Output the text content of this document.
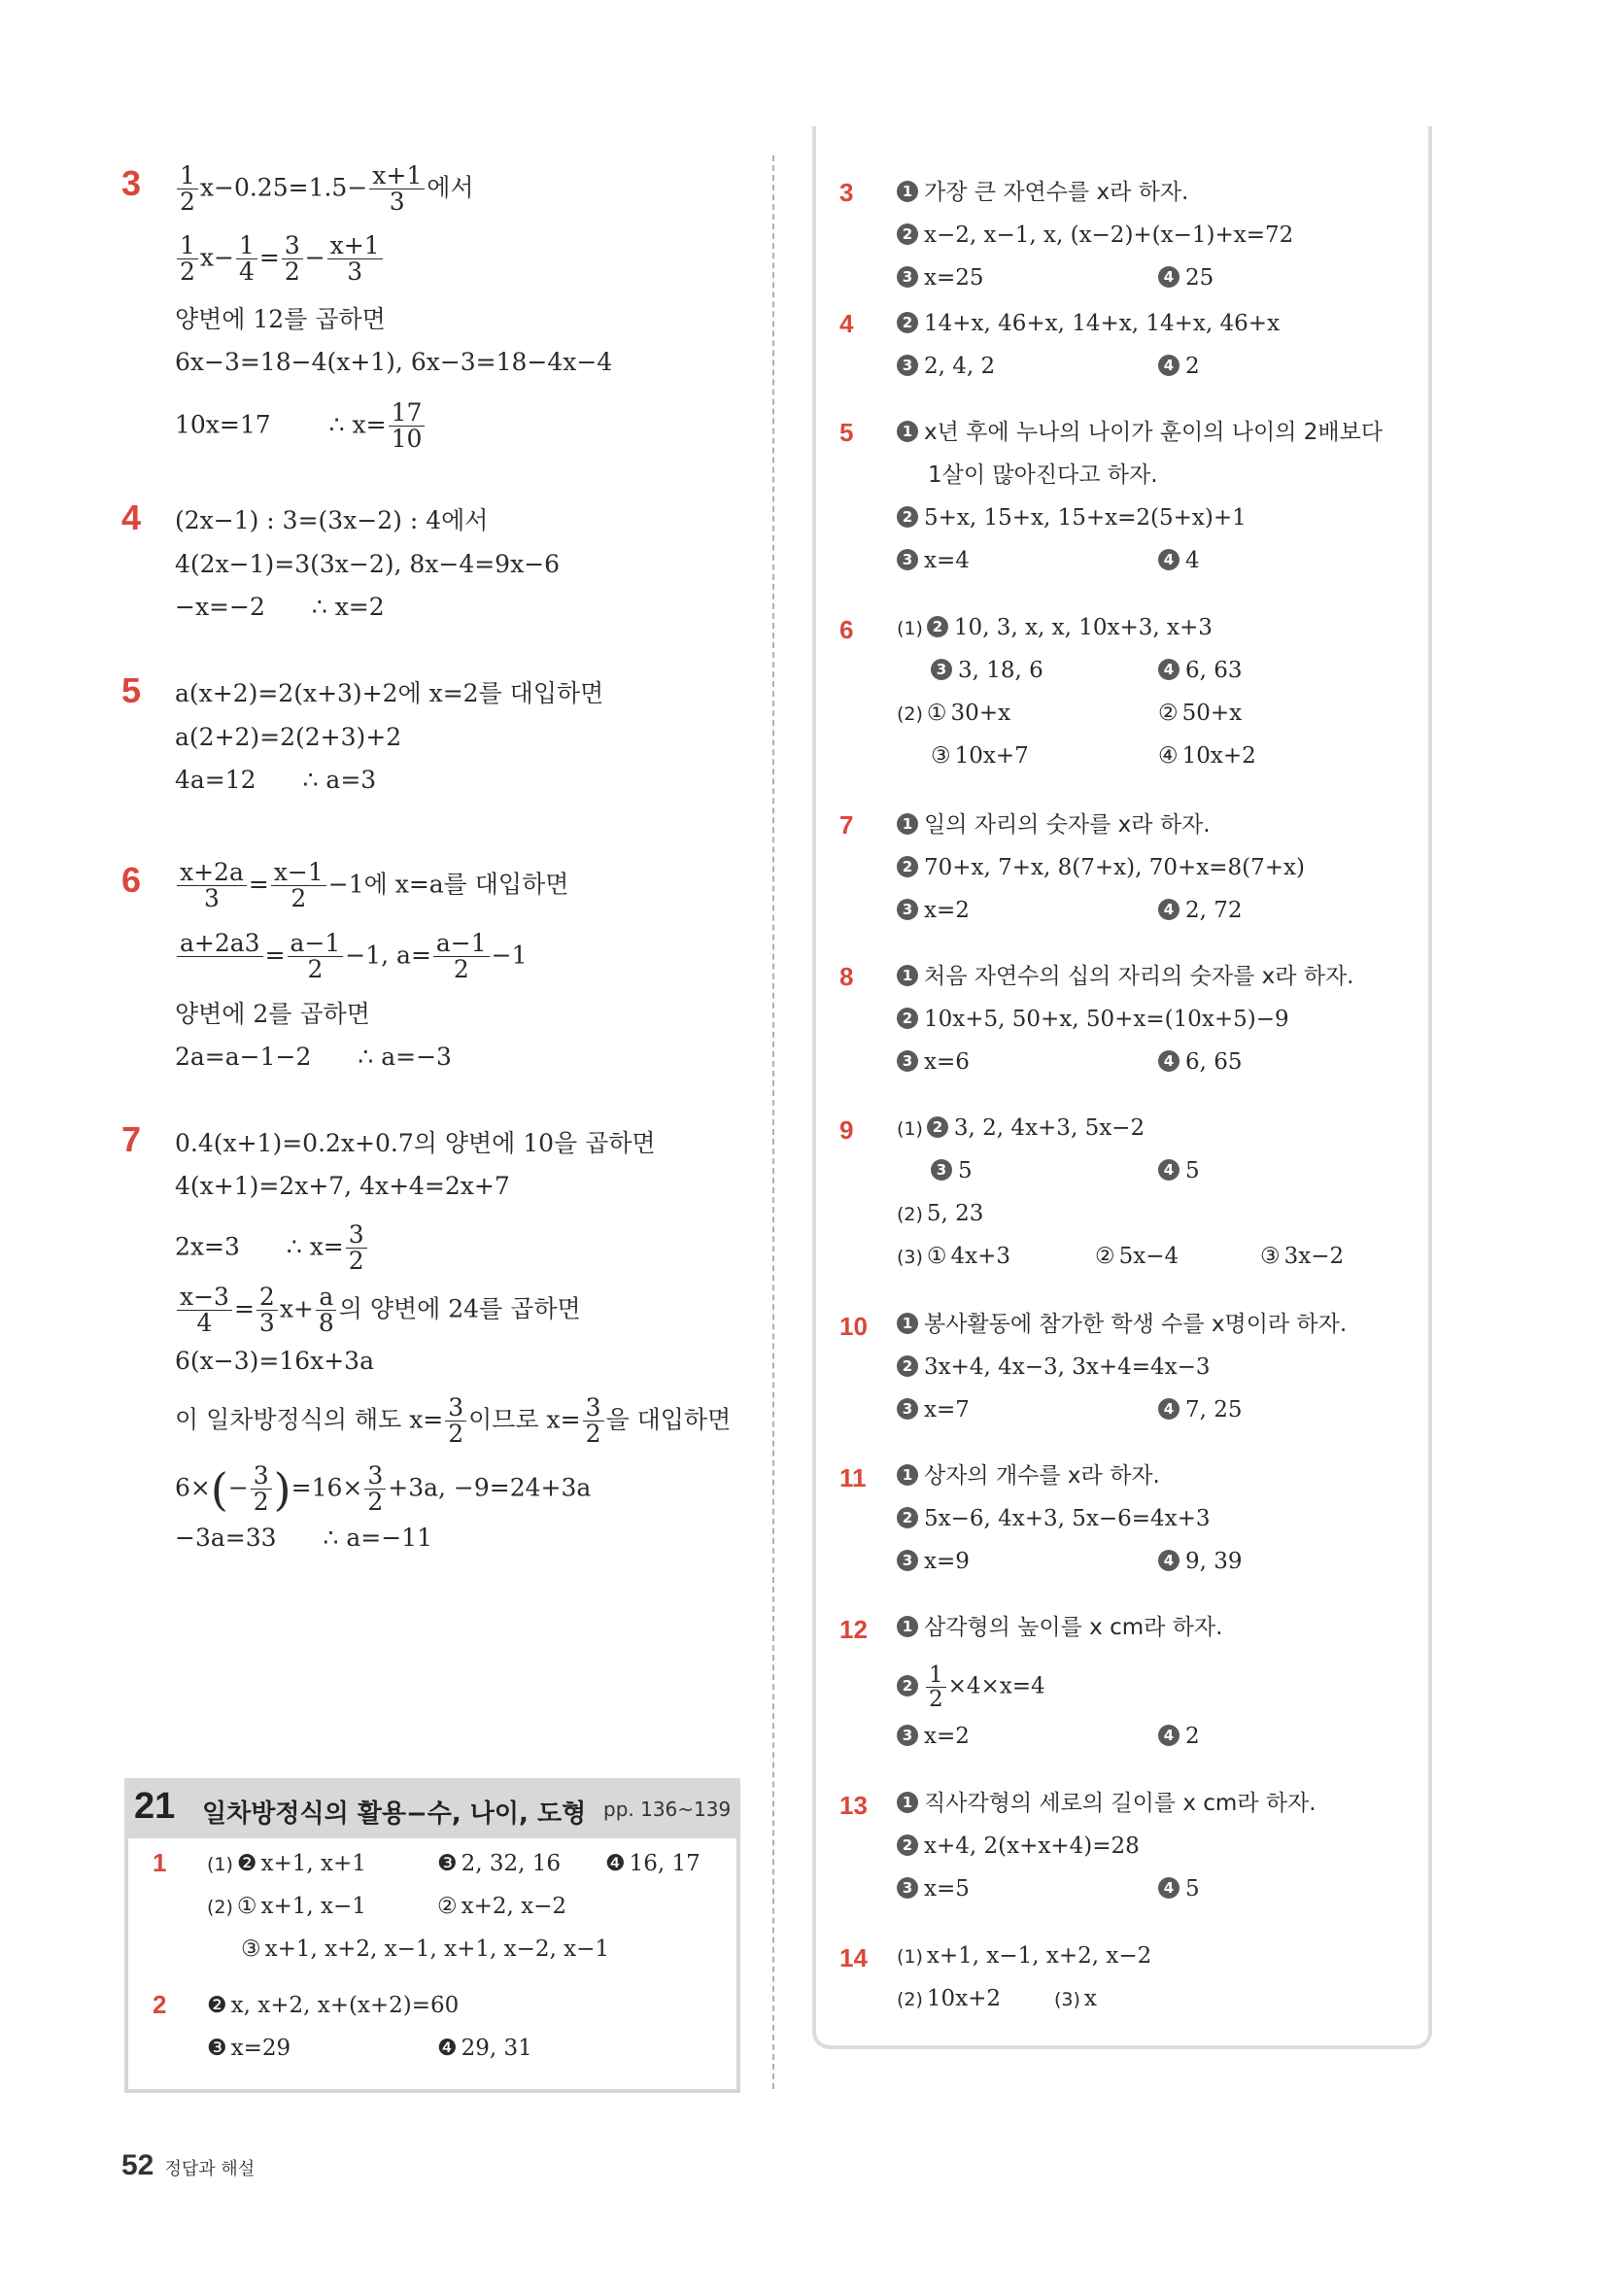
$3 \frac{1}{2} x-0.25=1.5- \frac{x+1}{3}$ 에서
$\frac{1}{2} x- \frac{1}{4} = \frac{3}{2} - \frac{x+1}{3}$
양변에 12를 곱하면
6x−3=18−4(x+1), 6x−3=18−4x−4
10x=17 ∴ $x= \frac{17}{10}$
4 (2x−1) : 3=(3x−2) : 4에서
4(2x−1)=3(3x−2), 8x−4=9x−6
−x=−2 ∴ x=2
5 a(x+2)=2(x+3)+2에 x=2를 대입하면
a(2+2)=2(2+3)+2
4a=12 ∴ a=3
$6 \frac{x+2a}{3} = \frac{x-1}{2} -1$에 x=a를 대입하면
a+2a3
= $\frac{a-1}{2} -1$, $a= \frac{a-1}{2} -1$
양변에 2를 곱하면
2a=a−1−2 ∴ a=−3
7 0.4(x+1)=0.2x+0.7의 양변에 10을 곱하면
4(x+1)=2x+7, 4x+4=2x+7
2x=3 ∴ $x= \frac{3}{2}$
$\frac{x-3}{4} = \frac{2}{3} x+ \frac{a}{8}$ 의 양변에 24를 곱하면
6(x−3)=16x+3a
이 일차방정식의 해도 $x= \frac{3}{2}$ 이므로 $x= \frac{3}{2}$ 을 대입하면
$6\times(- \frac{3}{2} )=16\times \frac{3}{2} +3a$, −9=24+3a
−3a=33 ∴ a=−11
21 일차방정식의 활용−수, 나이, 도형 pp. 136~139
1 (1) ❷ x+1, x+1	❸ 2, 32, 16 ❹ 16, 17
(2) ① x+1, x−1	② x+2, x−2
③ x+1, x+2, x−1, x+1, x−2, x−1
2 ❷ x, x+2, x+(x+2)=60
❸ x=29	❹ 29, 31
3	1 가장 큰 자연수를 x라 하자.
2 x−2, x−1, x, (x−2)+(x−1)+x=72
3 x=25	4 25
4	2 14+x, 46+x, 14+x, 14+x, 46+x
3 2, 4, 2	4 2
5	1 x년 후에 누나의 나이가 훈이의 나이의 2배보다
1살이 많아진다고 하자.
2 5+x, 15+x, 15+x=2(5+x)+1
3 x=4	4 4
6 (1) 2 10, 3, x, x, 10x+3, x+3
3 3, 18, 6	4 6, 63
(2) ① 30+x	② 50+x
③ 10x+7	④ 10x+2
7	1 일의 자리의 숫자를 x라 하자.
2 70+x, 7+x, 8(7+x), 70+x=8(7+x)
3 x=2	4 2, 72
8	1 처음 자연수의 십의 자리의 숫자를 x라 하자.
2 10x+5, 50+x, 50+x=(10x+5)−9
3 x=6	4 6, 65
9 (1) 2 3, 2, 4x+3, 5x−2
3 5	4 5
(2) 5, 23
(3) ① 4x+3	② 5x−4	③ 3x−2
10	1 봉사활동에 참가한 학생 수를 x명이라 하자.
2 3x+4, 4x−3, 3x+4=4x−3
3 x=7	4 7, 25
11	1 상자의 개수를 x라 하자.
2 5x−6, 4x+3, 5x−6=4x+3
3 x=9	4 9, 39
12	1 삼각형의 높이를 x cm라 하자.
$2 \frac{1}{2} \times 4\times x=4$
3 x=2	4 2
13	1 직사각형의 세로의 길이를 x cm라 하자.
2 x+4, 2(x+x+4)=28
3 x=5	4 5
14 (1) x+1, x−1, x+2, x−2
(2) 10x+2	(3) x
52 정답과 해설
